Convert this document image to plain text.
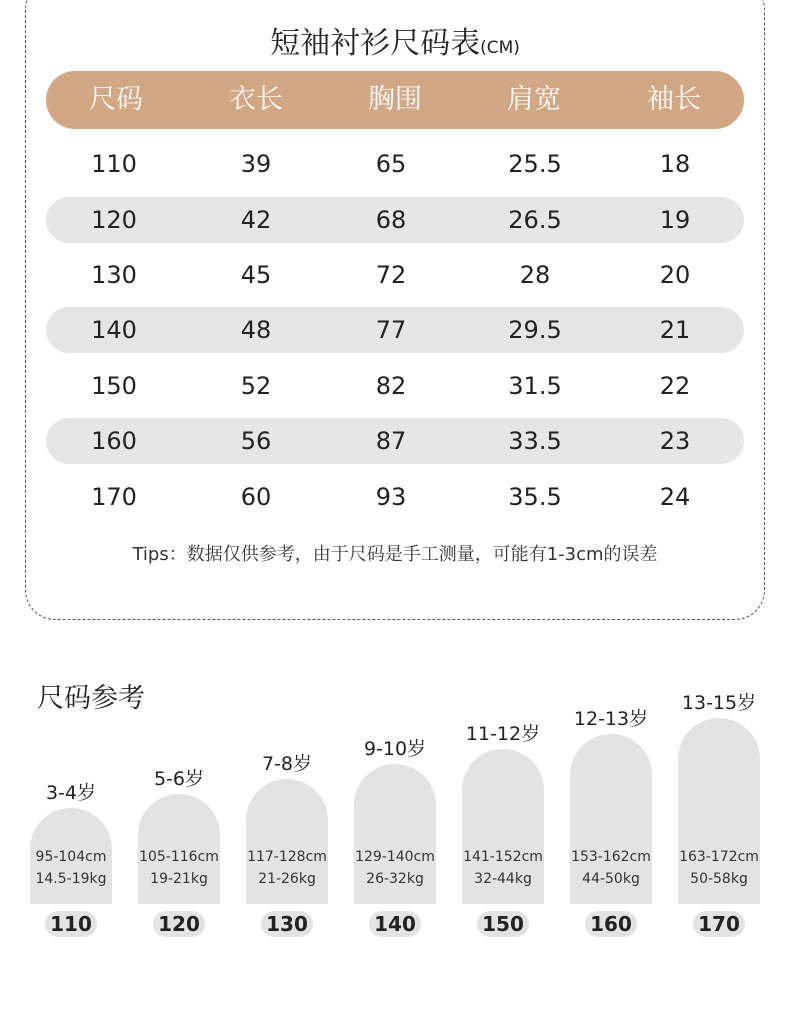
短袖衬衫尺码表(CM)
尺码	衣长	胸围	肩宽	袖长
110	39	65	25.5	18
120	42	68	26.5	19
130	45	72	28	20
140	48	77	29.5	21
150	52	82	31.5	22
160	56	87	33.5	23
170	60	93	35.5	24
Tips：数据仅供参考，由于尺码是手工测量，可能有1-3cm的误差
尺码参考
3-4岁
95-104cm
14.5-19kg
110
5-6岁
105-116cm
19-21kg
120
7-8岁
117-128cm
21-26kg
130
9-10岁
129-140cm
26-32kg
140
11-12岁
141-152cm
32-44kg
150
12-13岁
153-162cm
44-50kg
160
13-15岁
163-172cm
50-58kg
170
